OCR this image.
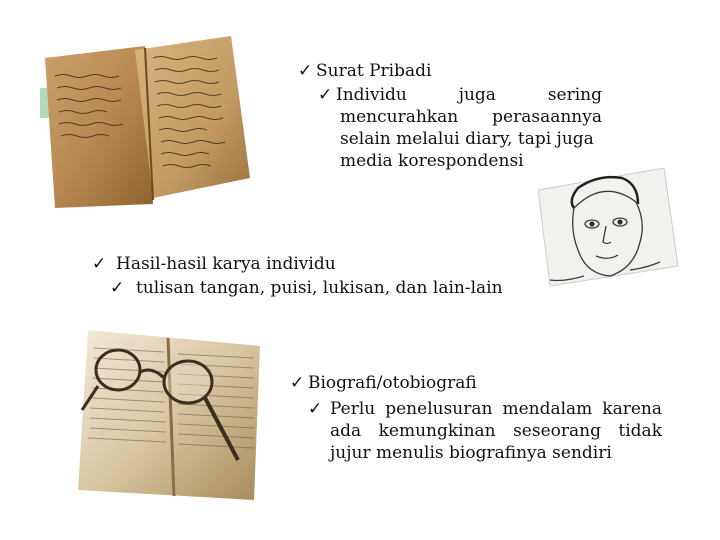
✓ Surat Pribadi
✓ Individu	juga	sering
mencurahkan perasaannya
selain melalui diary, tapi juga
media korespondensi
✓ Hasil-hasil karya individu
✓ tulisan tangan, puisi, lukisan, dan lain-lain
✓ Biografi/otobiografi
✓ Perlu penelusuran mendalam karena
ada kemungkinan seseorang tidak
jujur menulis biografinya sendiri
